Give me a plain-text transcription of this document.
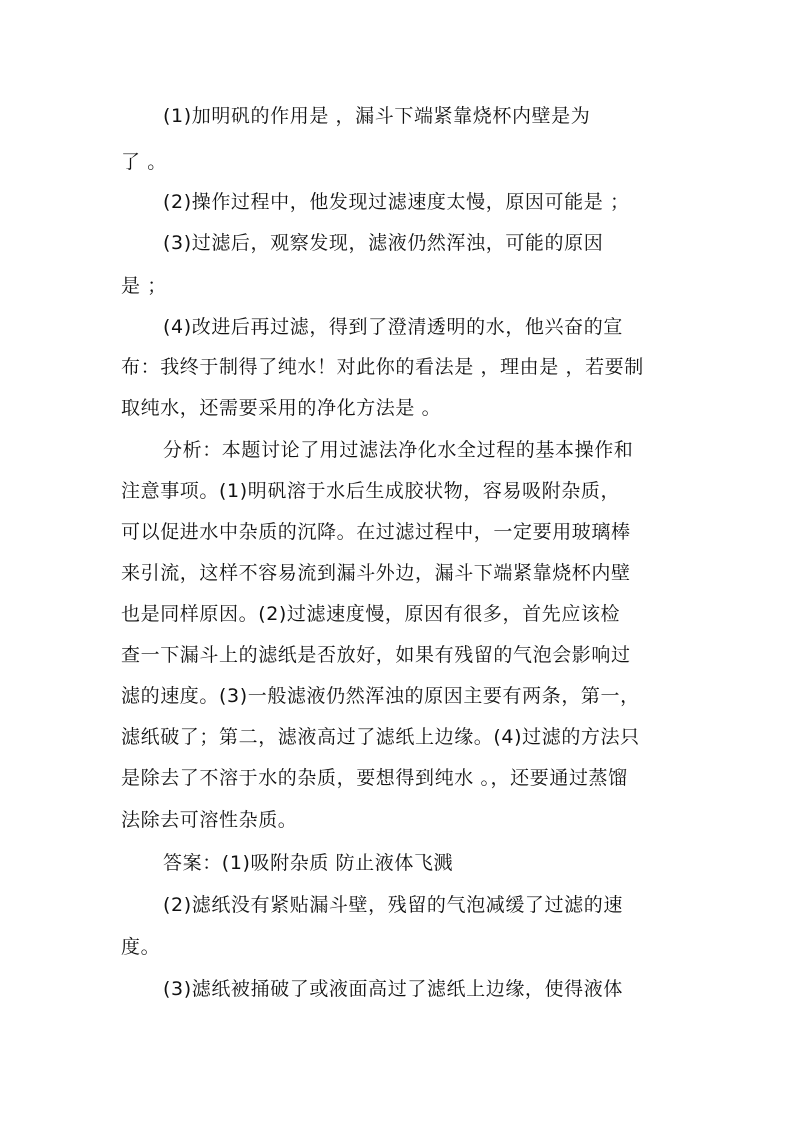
(1)加明矾的作用是 ，漏斗下端紧靠烧杯内壁是为
了 。
(2)操作过程中，他发现过滤速度太慢，原因可能是 ；
(3)过滤后，观察发现，滤液仍然浑浊，可能的原因
是 ；
(4)改进后再过滤，得到了澄清透明的水，他兴奋的宣
布：我终于制得了纯水！对此你的看法是 ，理由是 ，若要制
取纯水，还需要采用的净化方法是 。
分析：本题讨论了用过滤法净化水全过程的基本操作和
注意事项。(1)明矾溶于水后生成胶状物，容易吸附杂质，
可以促进水中杂质的沉降。在过滤过程中，一定要用玻璃棒
来引流，这样不容易流到漏斗外边，漏斗下端紧靠烧杯内壁
也是同样原因。(2)过滤速度慢，原因有很多，首先应该检
查一下漏斗上的滤纸是否放好，如果有残留的气泡会影响过
滤的速度。(3)一般滤液仍然浑浊的原因主要有两条，第一，
滤纸破了；第二，滤液高过了滤纸上边缘。(4)过滤的方法只
是除去了不溶于水的杂质，要想得到纯水 。，还要通过蒸馏
法除去可溶性杂质。
答案：(1)吸附杂质 防止液体飞溅
(2)滤纸没有紧贴漏斗壁，残留的气泡减缓了过滤的速
度。
(3)滤纸被捅破了或液面高过了滤纸上边缘，使得液体
